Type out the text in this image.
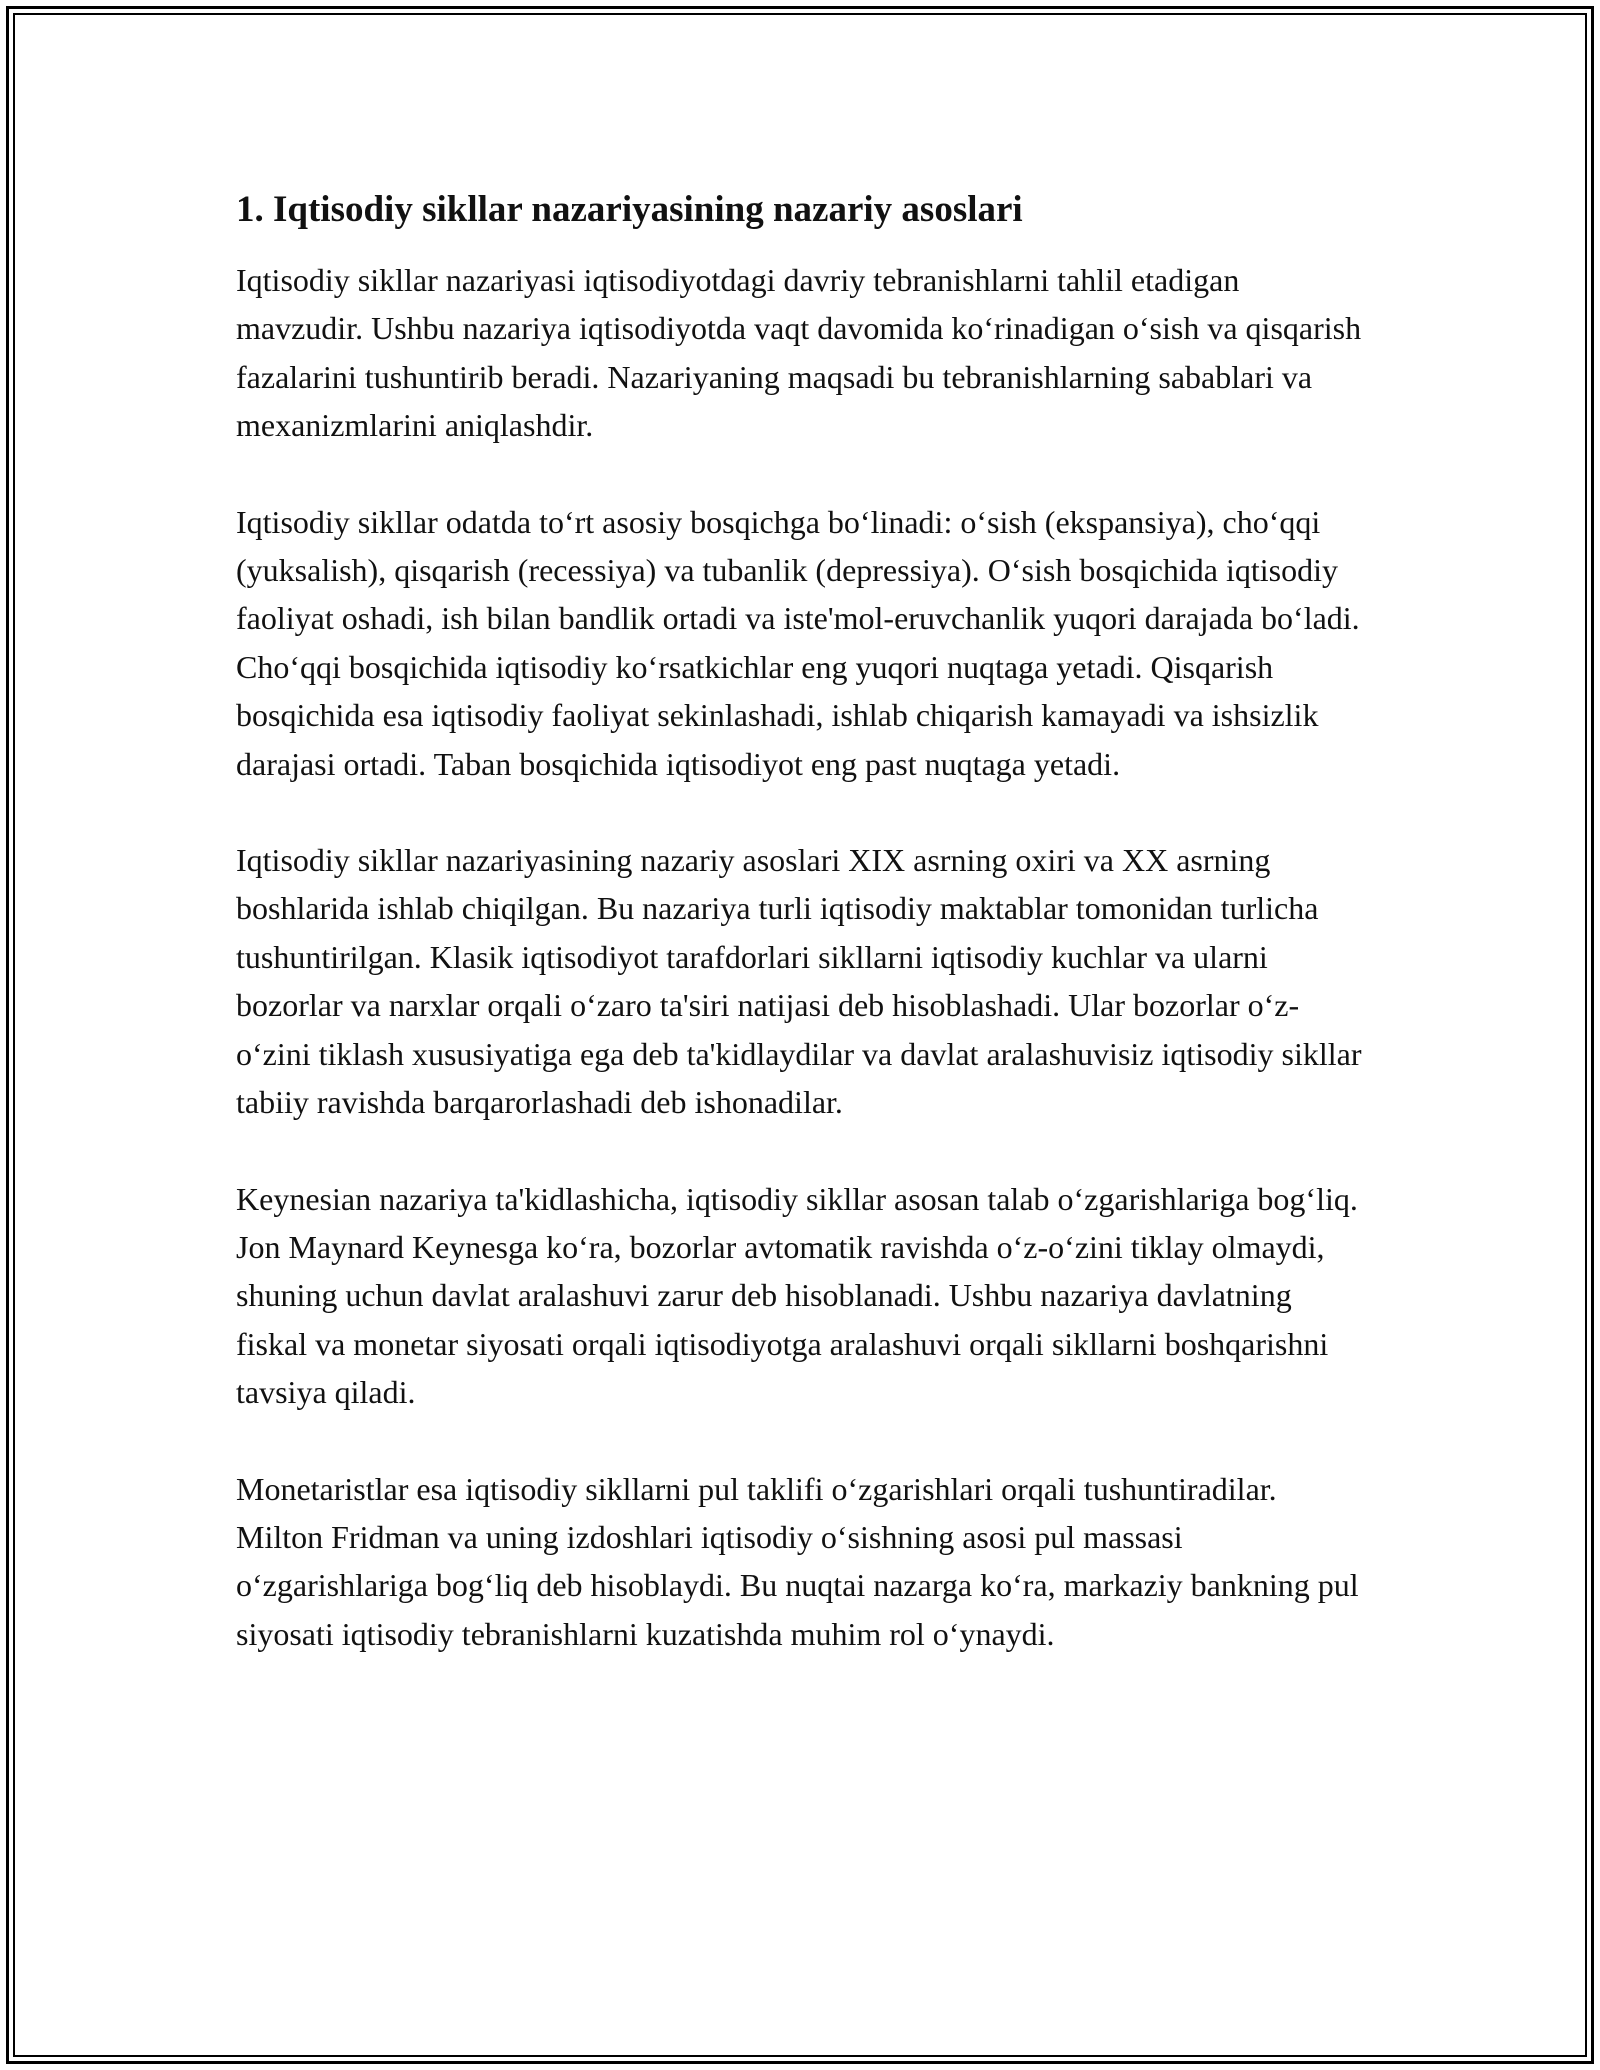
1. Iqtisodiy sikllar nazariyasining nazariy asoslari

Iqtisodiy sikllar nazariyasi iqtisodiyotdagi davriy tebranishlarni tahlil etadigan mavzudir. Ushbu nazariya iqtisodiyotda vaqt davomida ko‘rinadigan o‘sish va qisqarish fazalarini tushuntirib beradi. Nazariyaning maqsadi bu tebranishlarning sabablari va mexanizmlarini aniqlashdir.

Iqtisodiy sikllar odatda to‘rt asosiy bosqichga bo‘linadi: o‘sish (ekspansiya), cho‘qqi (yuksalish), qisqarish (recessiya) va tubanlik (depressiya). O‘sish bosqichida iqtisodiy faoliyat oshadi, ish bilan bandlik ortadi va iste'mol-eruvchanlik yuqori darajada bo‘ladi. Cho‘qqi bosqichida iqtisodiy ko‘rsatkichlar eng yuqori nuqtaga yetadi. Qisqarish bosqichida esa iqtisodiy faoliyat sekinlashadi, ishlab chiqarish kamayadi va ishsizlik darajasi ortadi. Taban bosqichida iqtisodiyot eng past nuqtaga yetadi.

Iqtisodiy sikllar nazariyasining nazariy asoslari XIX asrning oxiri va XX asrning boshlarida ishlab chiqilgan. Bu nazariya turli iqtisodiy maktablar tomonidan turlicha tushuntirilgan. Klasik iqtisodiyot tarafdorlari sikllarni iqtisodiy kuchlar va ularni bozorlar va narxlar orqali o‘zaro ta'siri natijasi deb hisoblashadi. Ular bozorlar o‘z-o‘zini tiklash xususiyatiga ega deb ta'kidlaydilar va davlat aralashuvisiz iqtisodiy sikllar tabiiy ravishda barqarorlashadi deb ishonadilar.

Keynesian nazariya ta'kidlashicha, iqtisodiy sikllar asosan talab o‘zgarishlariga bog‘liq. Jon Maynard Keynesga ko‘ra, bozorlar avtomatik ravishda o‘z-o‘zini tiklay olmaydi, shuning uchun davlat aralashuvi zarur deb hisoblanadi. Ushbu nazariya davlatning fiskal va monetar siyosati orqali iqtisodiyotga aralashuvi orqali sikllarni boshqarishni tavsiya qiladi.

Monetaristlar esa iqtisodiy sikllarni pul taklifi o‘zgarishlari orqali tushuntiradilar. Milton Fridman va uning izdoshlari iqtisodiy o‘sishning asosi pul massasi o‘zgarishlariga bog‘liq deb hisoblaydi. Bu nuqtai nazarga ko‘ra, markaziy bankning pul siyosati iqtisodiy tebranishlarni kuzatishda muhim rol o‘ynaydi.
